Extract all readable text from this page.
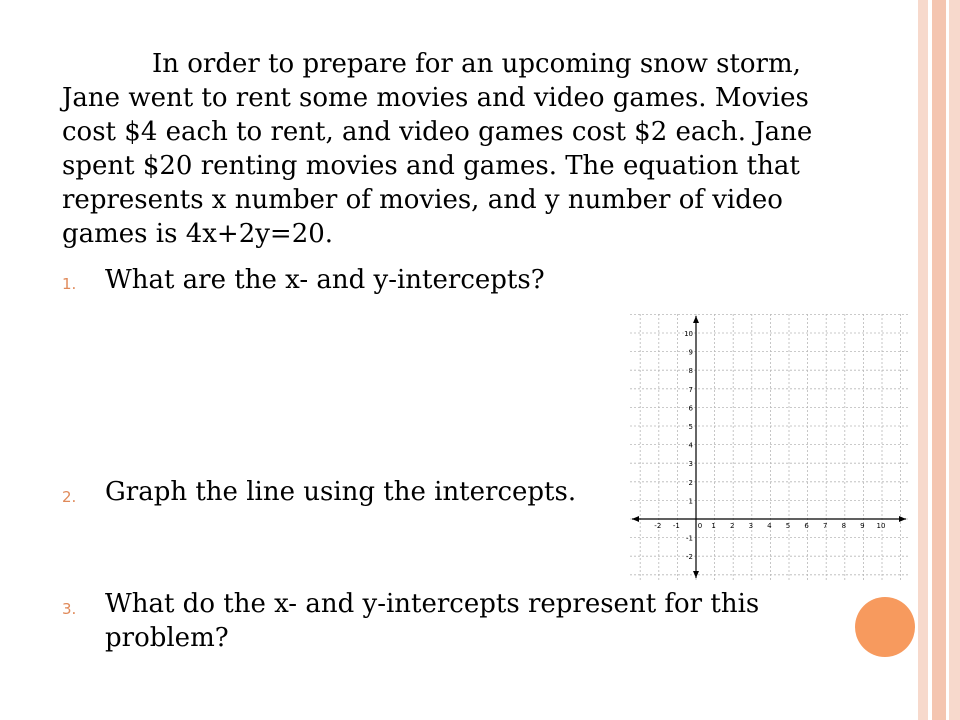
In order to prepare for an upcoming snow storm, Jane went to rent some movies and video games. Movies cost $4 each to rent, and video games cost $2 each. Jane spent $20 renting movies and games. The equation that represents x number of movies, and y number of video games is 4x+2y=20.

1. What are the x- and y-intercepts?

2. Graph the line using the intercepts.

3. What do the x- and y-intercepts represent for this problem?

-2 -1	0 1 2 3 4 5 6 7 8 9 10
10
9
8
7
6
5
4
3
2
1
-1
-2
